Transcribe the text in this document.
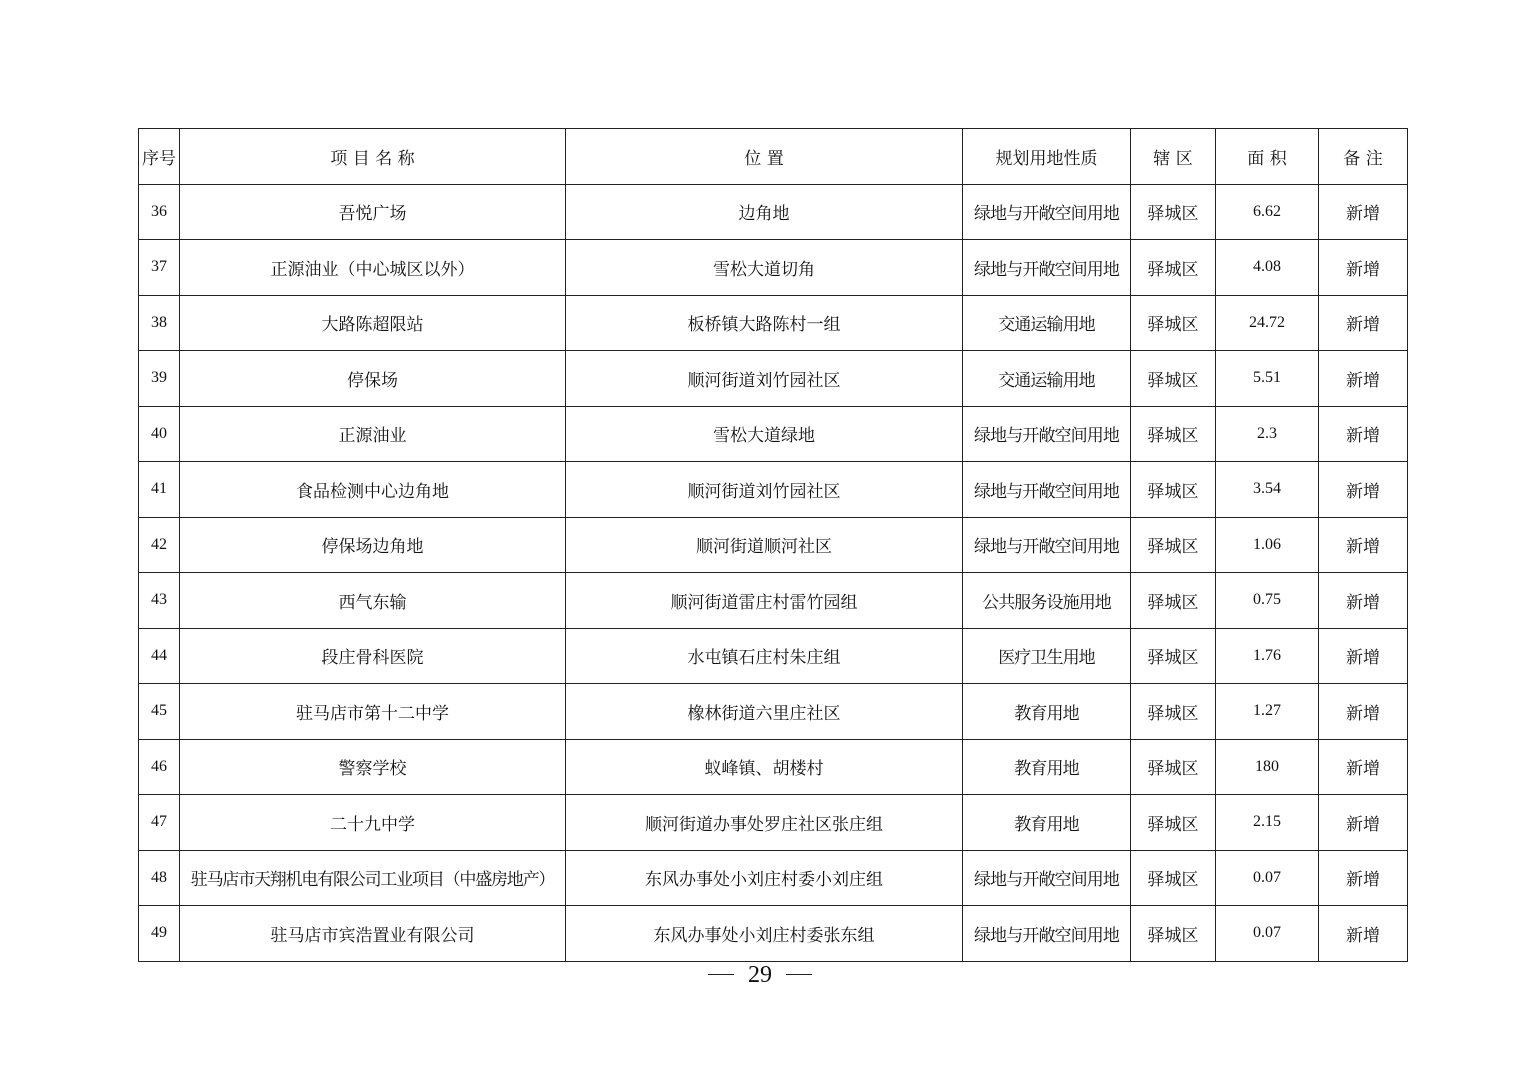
序号	项 目 名 称	位 置	规划用地性质	辖 区	面 积	备 注
36	吾悦广场	边角地	绿地与开敞空间用地	驿城区	6.62	新增
37	正源油业（中心城区以外）	雪松大道切角	绿地与开敞空间用地	驿城区	4.08	新增
38	大路陈超限站	板桥镇大路陈村一组	交通运输用地	驿城区	24.72	新增
39	停保场	顺河街道刘竹园社区	交通运输用地	驿城区	5.51	新增
40	正源油业	雪松大道绿地	绿地与开敞空间用地	驿城区	2.3	新增
41	食品检测中心边角地	顺河街道刘竹园社区	绿地与开敞空间用地	驿城区	3.54	新增
42	停保场边角地	顺河街道顺河社区	绿地与开敞空间用地	驿城区	1.06	新增
43	西气东输	顺河街道雷庄村雷竹园组	公共服务设施用地	驿城区	0.75	新增
44	段庄骨科医院	水屯镇石庄村朱庄组	医疗卫生用地	驿城区	1.76	新增
45	驻马店市第十二中学	橡林街道六里庄社区	教育用地	驿城区	1.27	新增
46	警察学校	蚁峰镇、胡楼村	教育用地	驿城区	180	新增
47	二十九中学	顺河街道办事处罗庄社区张庄组	教育用地	驿城区	2.15	新增
48	驻马店市天翔机电有限公司工业项目（中盛房地产）	东风办事处小刘庄村委小刘庄组	绿地与开敞空间用地	驿城区	0.07	新增
49	驻马店市宾浩置业有限公司	东风办事处小刘庄村委张东组	绿地与开敞空间用地	驿城区	0.07	新增
29
